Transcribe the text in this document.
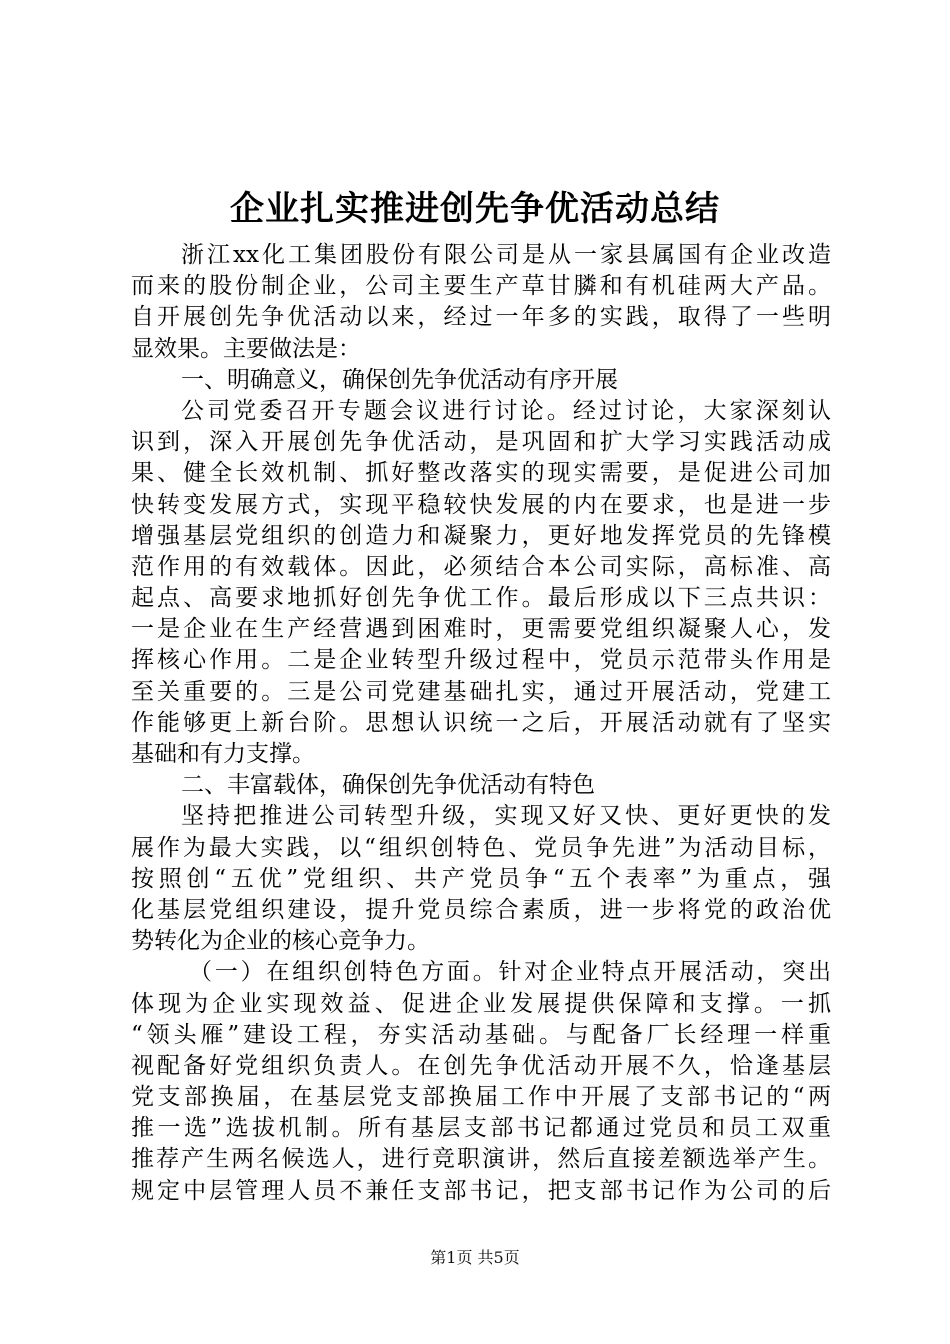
企业扎实推进创先争优活动总结
浙江xx化工集团股份有限公司是从一家县属国有企业改造
而来的股份制企业，公司主要生产草甘膦和有机硅两大产品。
自开展创先争优活动以来，经过一年多的实践，取得了一些明
显效果。主要做法是：
一、明确意义，确保创先争优活动有序开展
公司党委召开专题会议进行讨论。经过讨论，大家深刻认
识到，深入开展创先争优活动，是巩固和扩大学习实践活动成
果、健全长效机制、抓好整改落实的现实需要，是促进公司加
快转变发展方式，实现平稳较快发展的内在要求，也是进一步
增强基层党组织的创造力和凝聚力，更好地发挥党员的先锋模
范作用的有效载体。因此，必须结合本公司实际，高标准、高
起点、高要求地抓好创先争优工作。最后形成以下三点共识：
一是企业在生产经营遇到困难时，更需要党组织凝聚人心，发
挥核心作用。二是企业转型升级过程中，党员示范带头作用是
至关重要的。三是公司党建基础扎实，通过开展活动，党建工
作能够更上新台阶。思想认识统一之后，开展活动就有了坚实
基础和有力支撑。
二、丰富载体，确保创先争优活动有特色
坚持把推进公司转型升级，实现又好又快、更好更快的发
展作为最大实践，以“组织创特色、党员争先进”为活动目标，
按照创“五优”党组织、共产党员争“五个表率”为重点，强
化基层党组织建设，提升党员综合素质，进一步将党的政治优
势转化为企业的核心竞争力。
（一）在组织创特色方面。针对企业特点开展活动，突出
体现为企业实现效益、促进企业发展提供保障和支撑。一抓
“领头雁”建设工程，夯实活动基础。与配备厂长经理一样重
视配备好党组织负责人。在创先争优活动开展不久，恰逢基层
党支部换届，在基层党支部换届工作中开展了支部书记的“两
推一选”选拔机制。所有基层支部书记都通过党员和员工双重
推荐产生两名候选人，进行竞职演讲，然后直接差额选举产生。
规定中层管理人员不兼任支部书记，把支部书记作为公司的后
第1页 共5页
